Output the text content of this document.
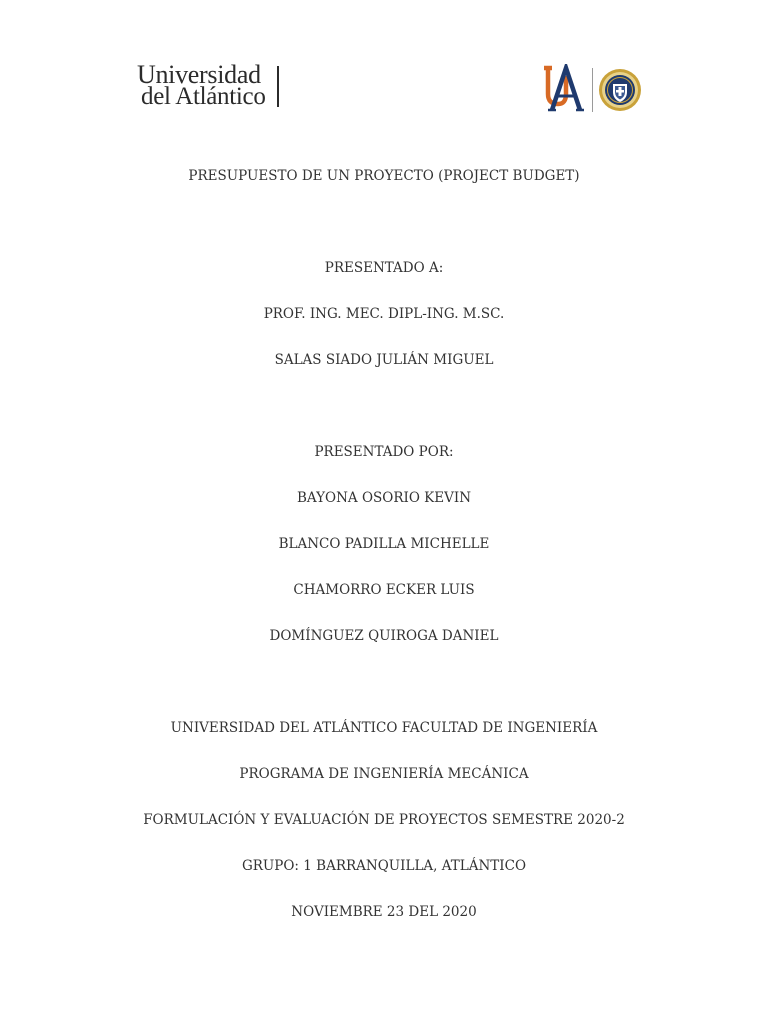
Universidad
del Atlántico
PRESUPUESTO DE UN PROYECTO (PROJECT BUDGET)
PRESENTADO A:
PROF. ING. MEC. DIPL-ING. M.SC.
SALAS SIADO JULIÁN MIGUEL
PRESENTADO POR:
BAYONA OSORIO KEVIN
BLANCO PADILLA MICHELLE
CHAMORRO ECKER LUIS
DOMÍNGUEZ QUIROGA DANIEL
UNIVERSIDAD DEL ATLÁNTICO FACULTAD DE INGENIERÍA
PROGRAMA DE INGENIERÍA MECÁNICA
FORMULACIÓN Y EVALUACIÓN DE PROYECTOS SEMESTRE 2020-2
GRUPO: 1 BARRANQUILLA, ATLÁNTICO
NOVIEMBRE 23 DEL 2020
